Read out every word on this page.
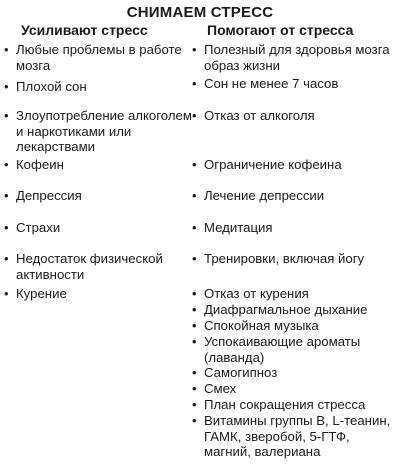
СНИМАЕМ СТРЕСС
Усиливают стресс	Помогают от стресса
• Любые проблемы в работе мозга
• Плохой сон
• Злоупотребление алкоголем и наркотиками или лекарствами
• Кофеин
• Депрессия
• Страхи
• Недостаток физической активности
• Курение
• Полезный для здоровья мозга образ жизни
• Сон не менее 7 часов
• Отказ от алкоголя
• Ограничение кофеина
• Лечение депрессии
• Медитация
• Тренировки, включая йогу
• Отказ от курения
• Диафрагмальное дыхание
• Спокойная музыка
• Успокаивающие ароматы (лаванда)
• Самогипноз
• Смех
• План сокращения стресса
• Витамины группы В, L-теанин, ГАМК, зверобой, 5-ГТФ, магний, валериана
